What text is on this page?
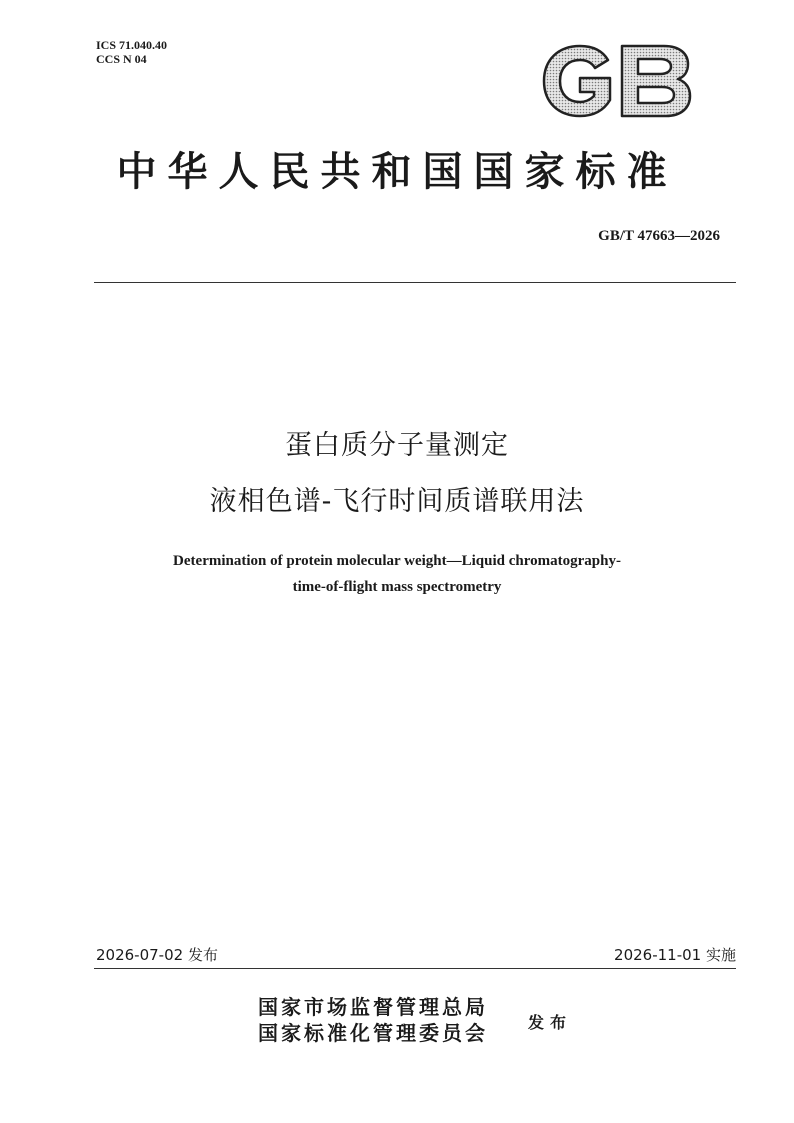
ICS 71.040.40
CCS N 04
中华人民共和国国家标准
GB/T 47663—2026
蛋白质分子量测定
液相色谱-飞行时间质谱联用法
Determination of protein molecular weight—Liquid chromatography-
time-of-flight mass spectrometry
2026-07-02 发布	2026-11-01 实施
国家市场监督管理总局
国家标准化管理委员会	发布
